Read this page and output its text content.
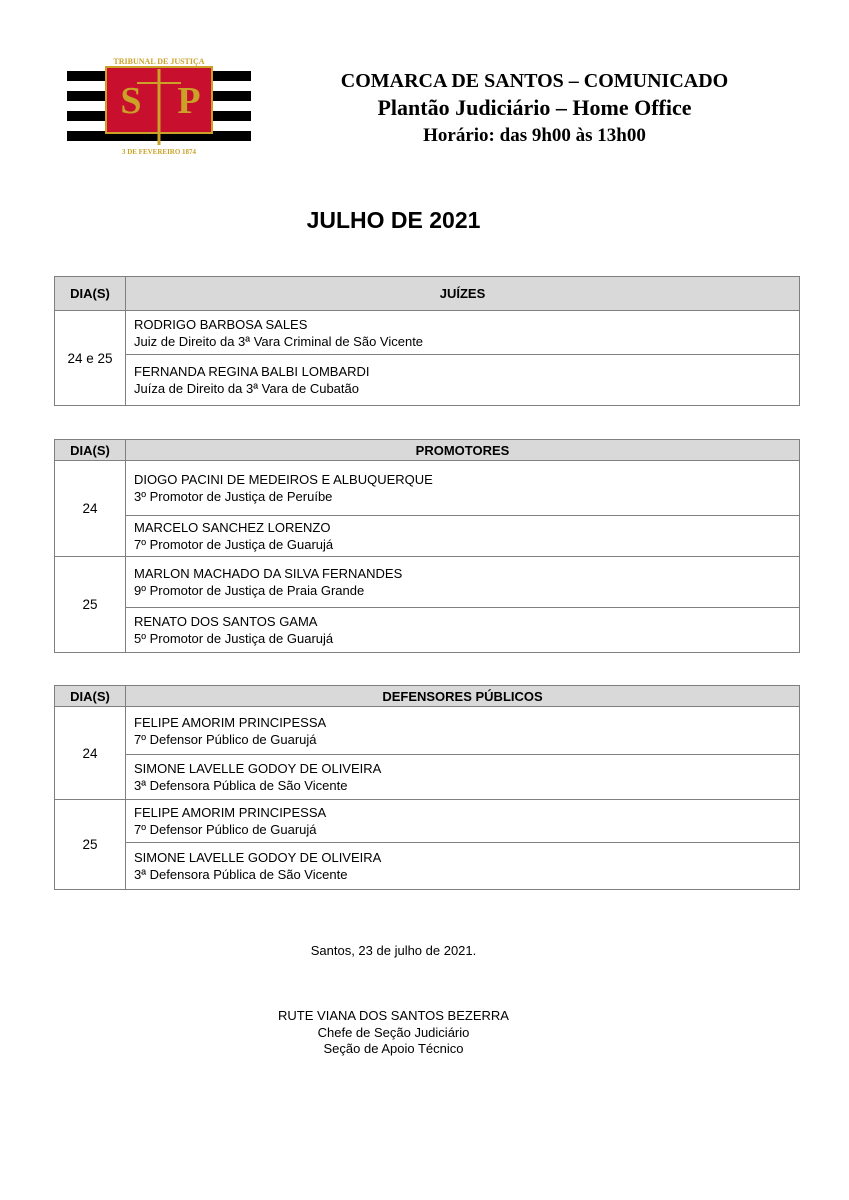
S P
TRIBUNAL DE JUSTIÇA
3 DE FEVEREIRO 1874
COMARCA DE SANTOS – COMUNICADO
Plantão Judiciário – Home Office
Horário: das 9h00 às 13h00
JULHO DE 2021
DIA(S)	JUÍZES
24 e 25	RODRIGO BARBOSA SALES
Juiz de Direito da 3ª Vara Criminal de São Vicente

	FERNANDA REGINA BALBI LOMBARDI
Juíza de Direito da 3ª Vara de Cubatão
DIA(S)	PROMOTORES
24	DIOGO PACINI DE MEDEIROS E ALBUQUERQUE
3º Promotor de Justiça de Peruíbe

	MARCELO SANCHEZ LORENZO
7º Promotor de Justiça de Guarujá

25	MARLON MACHADO DA SILVA FERNANDES
9º Promotor de Justiça de Praia Grande

	RENATO DOS SANTOS GAMA
5º Promotor de Justiça de Guarujá
DIA(S)	DEFENSORES PÚBLICOS
24	FELIPE AMORIM PRINCIPESSA
7º Defensor Público de Guarujá

	SIMONE LAVELLE GODOY DE OLIVEIRA
3ª Defensora Pública de São Vicente

25	FELIPE AMORIM PRINCIPESSA
7º Defensor Público de Guarujá

	SIMONE LAVELLE GODOY DE OLIVEIRA
3ª Defensora Pública de São Vicente
Santos, 23 de julho de 2021.
RUTE VIANA DOS SANTOS BEZERRA
Chefe de Seção Judiciário
Seção de Apoio Técnico
